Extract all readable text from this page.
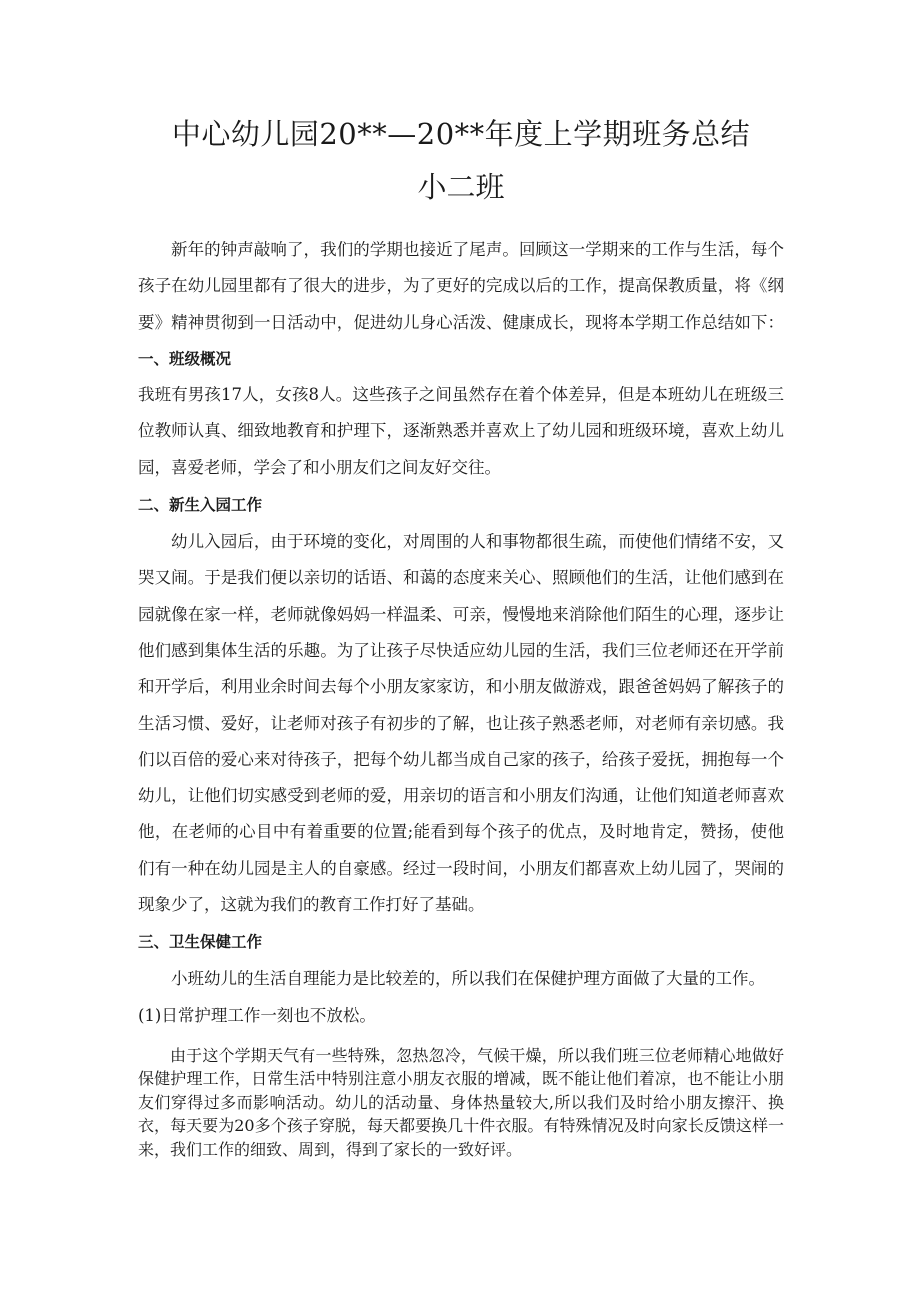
中心幼儿园20**—20**年度上学期班务总结
小二班

新年的钟声敲响了，我们的学期也接近了尾声。回顾这一学期来的工作与生活，每个孩子在幼儿园里都有了很大的进步，为了更好的完成以后的工作，提高保教质量，将《纲要》精神贯彻到一日活动中，促进幼儿身心活泼、健康成长，现将本学期工作总结如下：一、班级概况

我班有男孩17人，女孩8人。这些孩子之间虽然存在着个体差异，但是本班幼儿在班级三位教师认真、细致地教育和护理下，逐渐熟悉并喜欢上了幼儿园和班级环境，喜欢上幼儿园，喜爱老师，学会了和小朋友们之间友好交往。

二、新生入园工作

幼儿入园后，由于环境的变化，对周围的人和事物都很生疏，而使他们情绪不安，又哭又闹。于是我们便以亲切的话语、和蔼的态度来关心、照顾他们的生活，让他们感到在园就像在家一样，老师就像妈妈一样温柔、可亲，慢慢地来消除他们陌生的心理，逐步让他们感到集体生活的乐趣。为了让孩子尽快适应幼儿园的生活，我们三位老师还在开学前和开学后，利用业余时间去每个小朋友家家访，和小朋友做游戏，跟爸爸妈妈了解孩子的生活习惯、爱好，让老师对孩子有初步的了解，也让孩子熟悉老师，对老师有亲切感。我们以百倍的爱心来对待孩子，把每个幼儿都当成自己家的孩子，给孩子爱抚，拥抱每一个幼儿，让他们切实感受到老师的爱，用亲切的语言和小朋友们沟通，让他们知道老师喜欢他，在老师的心目中有着重要的位置;能看到每个孩子的优点，及时地肯定，赞扬，使他们有一种在幼儿园是主人的自豪感。经过一段时间，小朋友们都喜欢上幼儿园了，哭闹的现象少了，这就为我们的教育工作打好了基础。

三、卫生保健工作

小班幼儿的生活自理能力是比较差的，所以我们在保健护理方面做了大量的工作。

(1)日常护理工作一刻也不放松。

由于这个学期天气有一些特殊，忽热忽冷，气候干燥，所以我们班三位老师精心地做好保健护理工作，日常生活中特别注意小朋友衣服的增减，既不能让他们着凉，也不能让小朋友们穿得过多而影响活动。幼儿的活动量、身体热量较大,所以我们及时给小朋友擦汗、换衣，每天要为20多个孩子穿脱，每天都要换几十件衣服。有特殊情况及时向家长反馈这样一来，我们工作的细致、周到，得到了家长的一致好评。
